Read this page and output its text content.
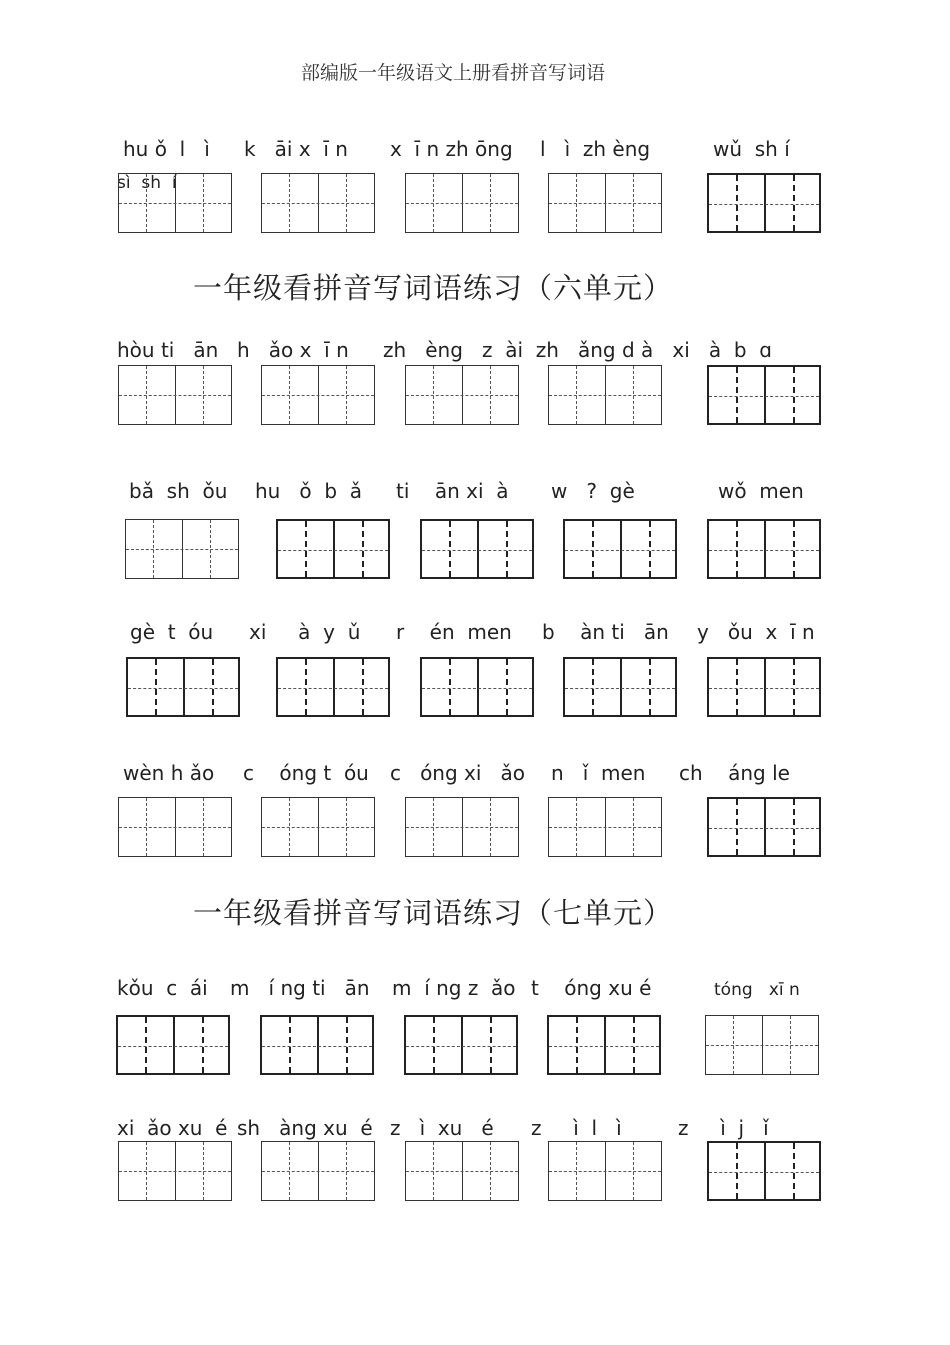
部编版一年级语文上册看拼音写词语
hu ǒ  l   ì k   āi x  ī n x  ī n zh ōng l   ì  zh èng	wǔ  sh í
sì  sh  í
一年级看拼音写词语练习（六单元）
hòu ti   ān h   ǎo x  ī n zh   èng z  ài  zh   ǎng d à   xi   à  b  ɑ
bǎ  sh  ǒu hu   ǒ  b  ǎ ti    ān xi  à w   ?  gè	wǒ  men
gè  t  óu xi     à  y  ǔ r    én  men b    àn ti   ān y   ǒu  x  ī n
wèn h ǎo c    óng t  óu c   óng xi   ǎo n   ǐ  men ch    áng le
一年级看拼音写词语练习（七单元）
kǒu  c  ái m   í ng ti   ān m  í ng z  ǎo t    óng xu é	tóng   xī n
xi  ǎo xu  é sh   àng xu  é z   ì  xu   é z     ì  l   ì	z     ì  j   ǐ
